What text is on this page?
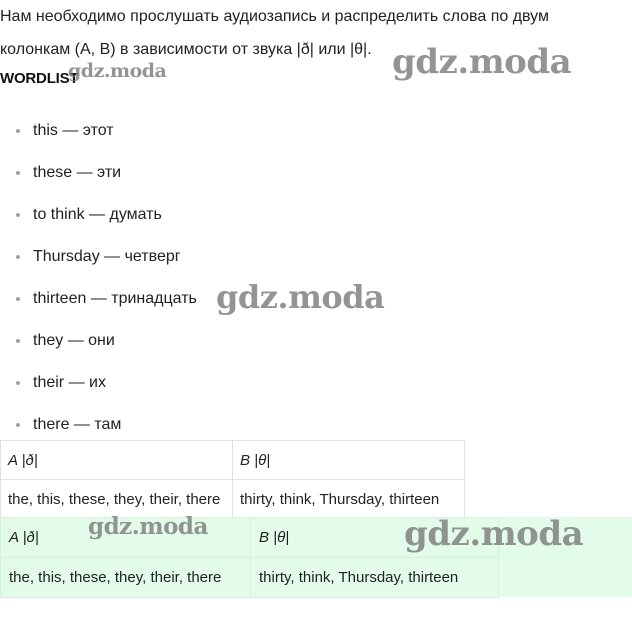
Нам необходимо прослушать аудиозапись и распределить слова по двум колонкам (A, B) в зависимости от звука |ð| или |θ|.
WORDLIST
this — этот
these — эти
to think — думать
Thursday — четверг
thirteen — тринадцать
they — они
their — их
there — там
A |ð|	B |θ|
the, this, these, they, their, there	thirty, think, Thursday, thirteen
A |ð|	B |θ|
the, this, these, they, their, there	thirty, think, Thursday, thirteen
gdz.moda
gdz.moda
gdz.moda
gdz.moda	gdz.moda
